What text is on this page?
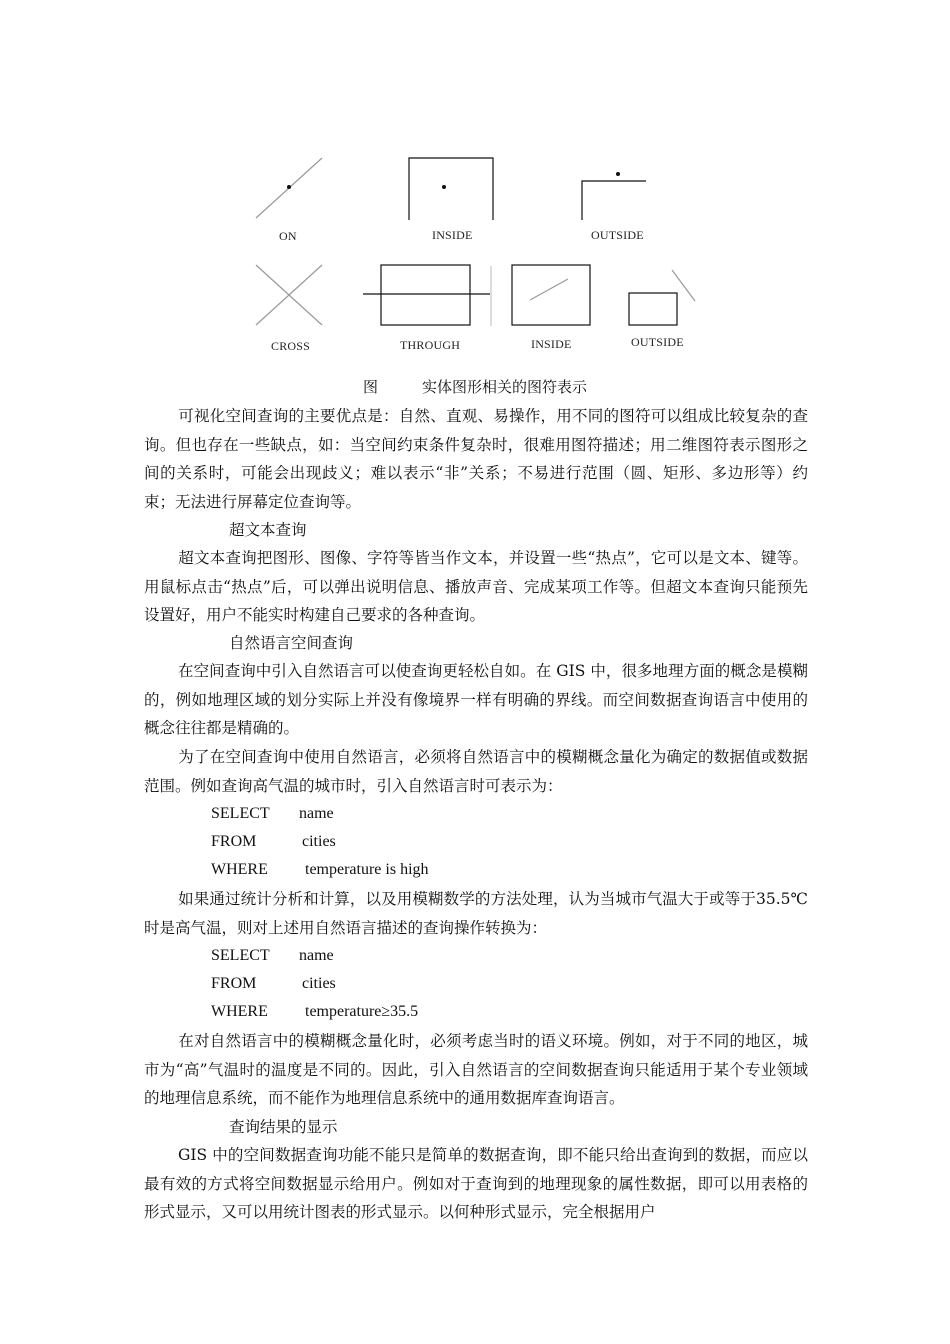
ON	INSIDE	OUTSIDE
CROSS	THROUGH	INSIDE	OUTSIDE
图	实体图形相关的图符表示
可视化空间查询的主要优点是：自然、直观、易操作，用不同的图符可以组成比较复杂的查询。但也存在一些缺点，如：当空间约束条件复杂时，很难用图符描述；用二维图符表示图形之间的关系时，可能会出现歧义；难以表示“非”关系；不易进行范围（圆、矩形、多边形等）约束；无法进行屏幕定位查询等。
超文本查询
超文本查询把图形、图像、字符等皆当作文本，并设置一些“热点”，它可以是文本、键等。用鼠标点击“热点”后，可以弹出说明信息、播放声音、完成某项工作等。但超文本查询只能预先设置好，用户不能实时构建自己要求的各种查询。
自然语言空间查询
在空间查询中引入自然语言可以使查询更轻松自如。在 GIS 中，很多地理方面的概念是模糊的，例如地理区域的划分实际上并没有像境界一样有明确的界线。而空间数据查询语言中使用的概念往往都是精确的。
为了在空间查询中使用自然语言，必须将自然语言中的模糊概念量化为确定的数据值或数据范围。例如查询高气温的城市时，引入自然语言时可表示为：
SELECT name
FROM	cities
WHERE temperature is high
如果通过统计分析和计算，以及用模糊数学的方法处理，认为当城市气温大于或等于35.5℃时是高气温，则对上述用自然语言描述的查询操作转换为：
SELECT name
FROM	cities
WHERE temperature≥35.5
在对自然语言中的模糊概念量化时，必须考虑当时的语义环境。例如，对于不同的地区，城市为“高”气温时的温度是不同的。因此，引入自然语言的空间数据查询只能适用于某个专业领域的地理信息系统，而不能作为地理信息系统中的通用数据库查询语言。
查询结果的显示
GIS 中的空间数据查询功能不能只是简单的数据查询，即不能只给出查询到的数据，而应以最有效的方式将空间数据显示给用户。例如对于查询到的地理现象的属性数据，即可以用表格的形式显示，又可以用统计图表的形式显示。以何种形式显示，完全根据用户
